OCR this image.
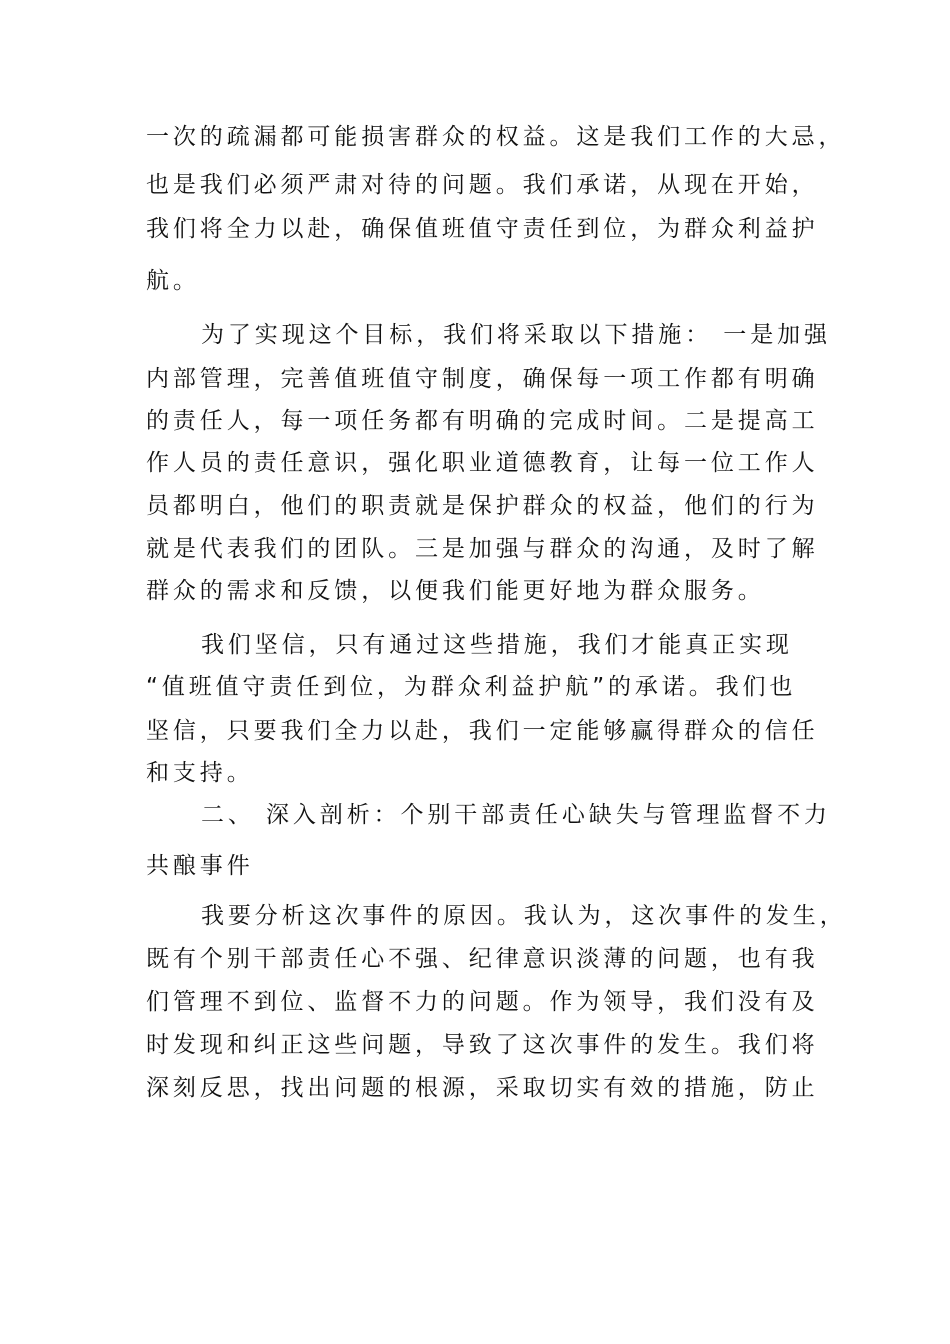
一次的疏漏都可能损害群众的权益。这是我们工作的大忌，
也是我们必须严肃对待的问题。我们承诺，从现在开始，
我们将全力以赴，确保值班值守责任到位，为群众利益护
航。
为了实现这个目标，我们将采取以下措施： 一是加强
内部管理，完善值班值守制度，确保每一项工作都有明确
的责任人，每一项任务都有明确的完成时间。二是提高工
作人员的责任意识，强化职业道德教育，让每一位工作人
员都明白，他们的职责就是保护群众的权益，他们的行为
就是代表我们的团队。三是加强与群众的沟通，及时了解
群众的需求和反馈，以便我们能更好地为群众服务。
我们坚信，只有通过这些措施，我们才能真正实现
“值班值守责任到位，为群众利益护航”的承诺。我们也
坚信，只要我们全力以赴，我们一定能够赢得群众的信任
和支持。
二、 深入剖析：个别干部责任心缺失与管理监督不力
共酿事件
我要分析这次事件的原因。我认为，这次事件的发生，
既有个别干部责任心不强、纪律意识淡薄的问题，也有我
们管理不到位、监督不力的问题。作为领导，我们没有及
时发现和纠正这些问题，导致了这次事件的发生。我们将
深刻反思，找出问题的根源，采取切实有效的措施，防止
